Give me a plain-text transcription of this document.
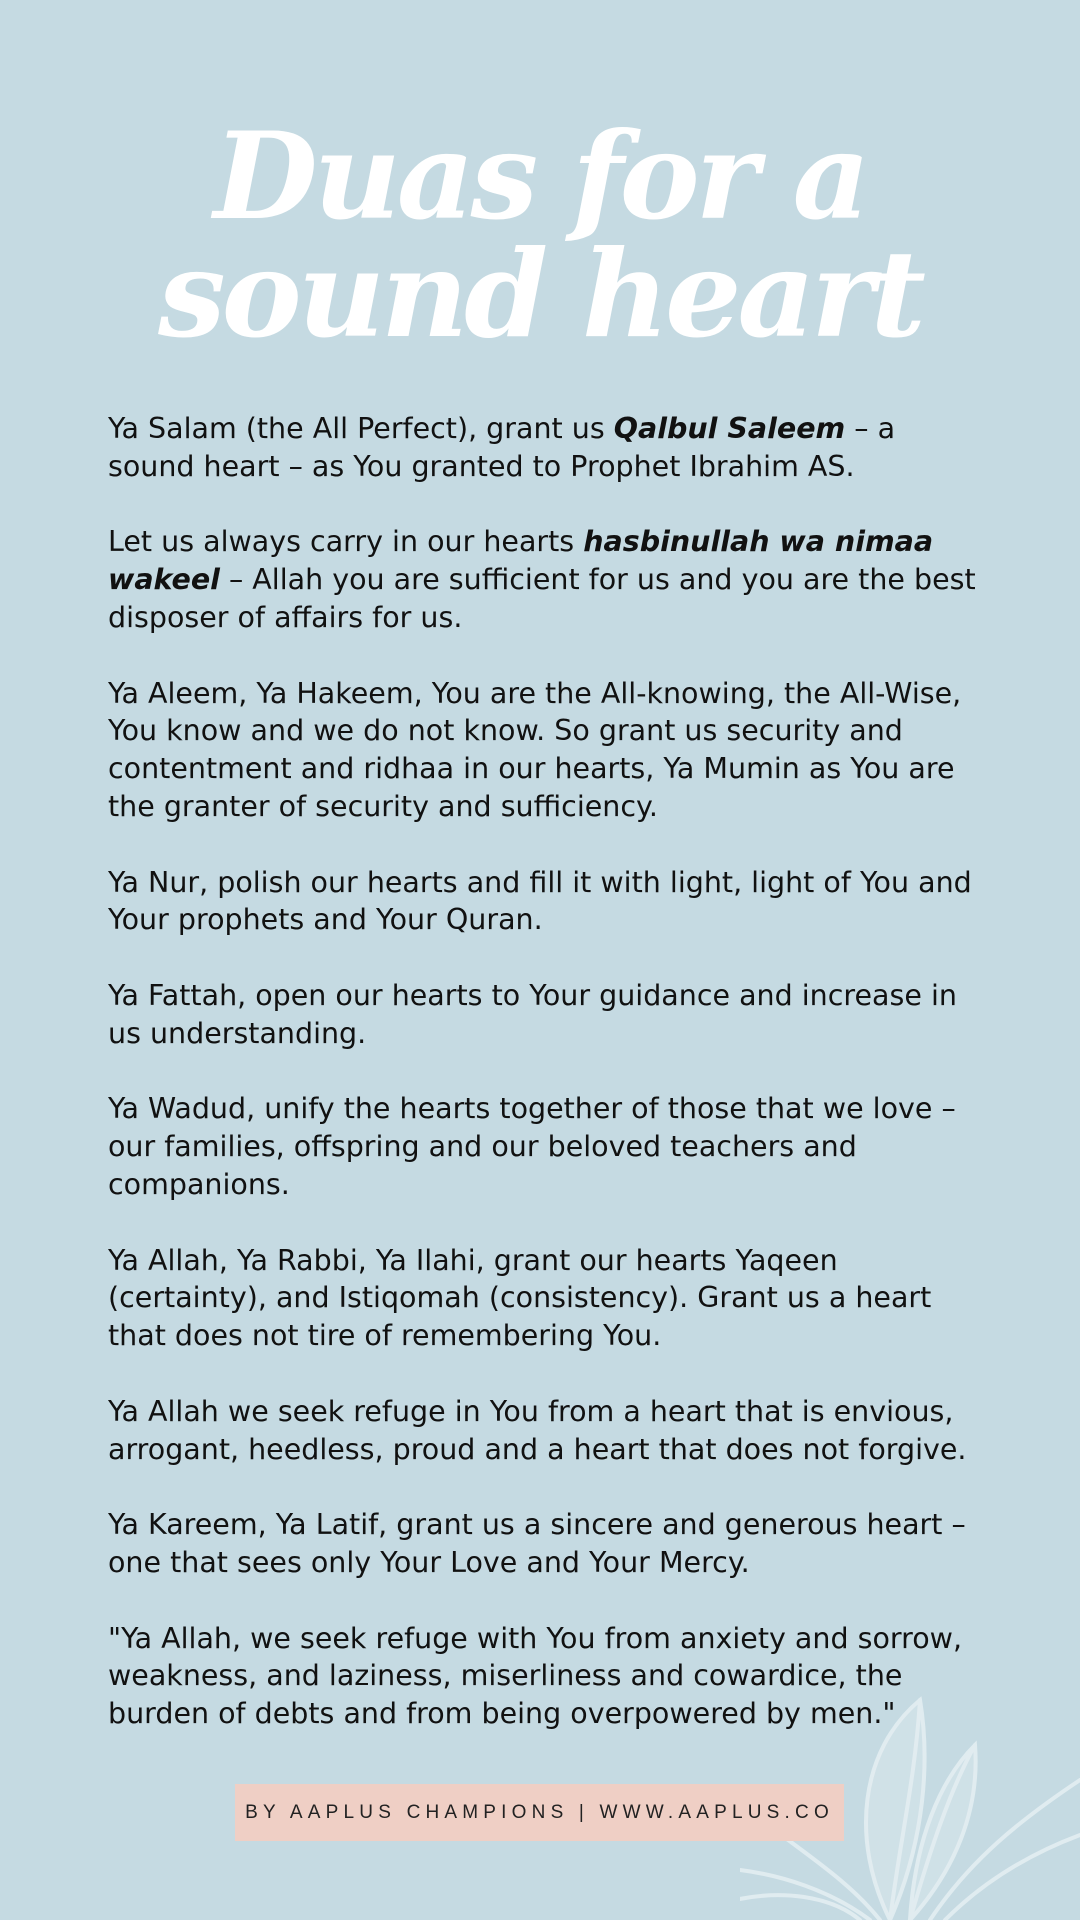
Duas for a
sound heart

Ya Salam (the All Perfect), grant us Qalbul Saleem – a sound heart – as You granted to Prophet Ibrahim AS.

Let us always carry in our hearts hasbinullah wa nimaa wakeel – Allah you are sufficient for us and you are the best disposer of affairs for us.

Ya Aleem, Ya Hakeem, You are the All-knowing, the All-Wise, You know and we do not know. So grant us security and contentment and ridhaa in our hearts, Ya Mumin as You are the granter of security and sufficiency.

Ya Nur, polish our hearts and fill it with light, light of You and Your prophets and Your Quran.

Ya Fattah, open our hearts to Your guidance and increase in us understanding.

Ya Wadud, unify the hearts together of those that we love – our families, offspring and our beloved teachers and companions.

Ya Allah, Ya Rabbi, Ya Ilahi, grant our hearts Yaqeen (certainty), and Istiqomah (consistency). Grant us a heart that does not tire of remembering You.

Ya Allah we seek refuge in You from a heart that is envious, arrogant, heedless, proud and a heart that does not forgive.

Ya Kareem, Ya Latif, grant us a sincere and generous heart – one that sees only Your Love and Your Mercy.

"Ya Allah, we seek refuge with You from anxiety and sorrow, weakness, and laziness, miserliness and cowardice, the burden of debts and from being overpowered by men."

BY AAPLUS CHAMPIONS | WWW.AAPLUS.CO
